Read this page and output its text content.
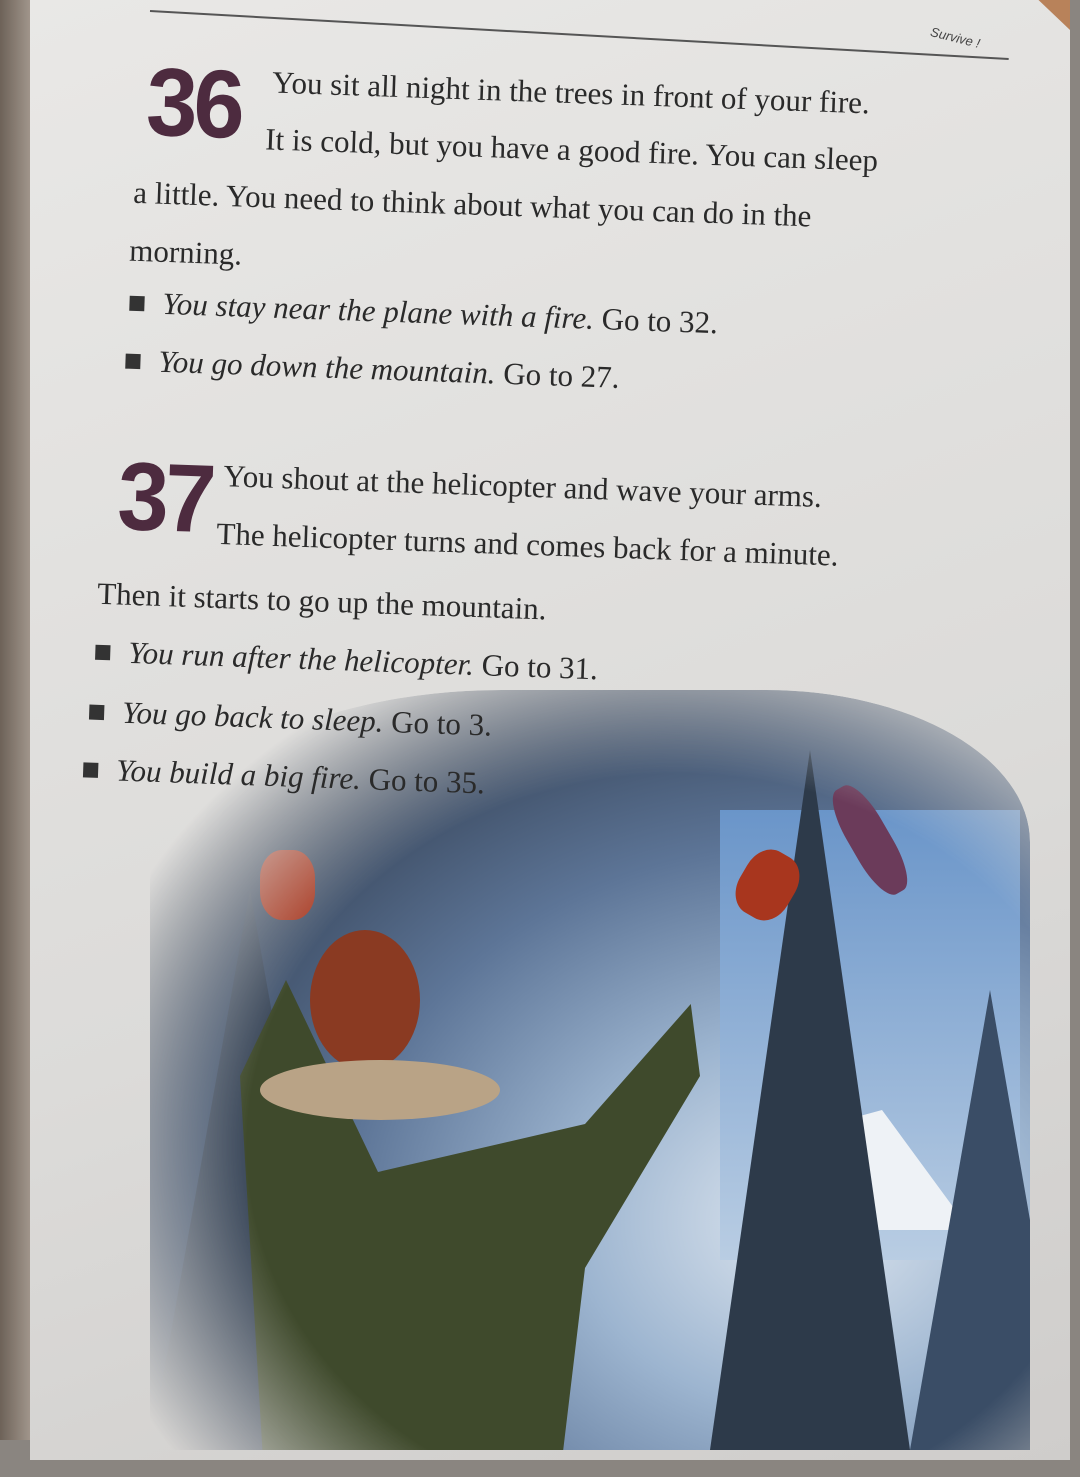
Survive !
36 You sit all night in the trees in front of your fire.
It is cold, but you have a good fire. You can sleep
a little. You need to think about what you can do in the
morning.
You stay near the plane with a fire. Go to 32.
You go down the mountain. Go to 27.
37 You shout at the helicopter and wave your arms.
The helicopter turns and comes back for a minute.
Then it starts to go up the mountain.
You run after the helicopter. Go to 31.
You go back to sleep. Go to 3.
You build a big fire. Go to 35.
